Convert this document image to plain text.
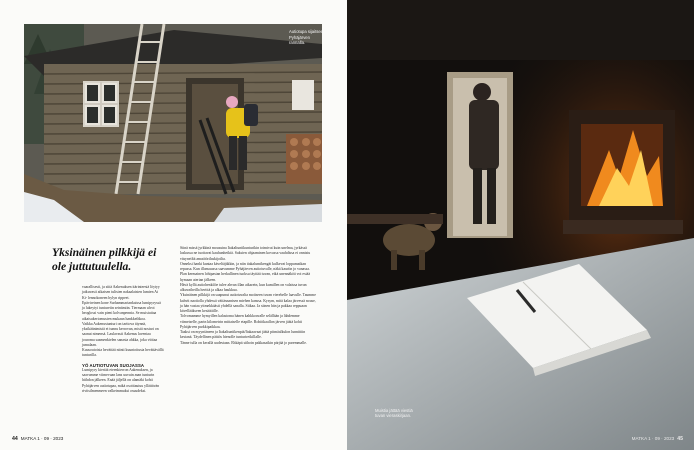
Autiotupa sijaitsee Pyhäjärven rannalla.
Yksinäinen pilkkijä ei ole juttutuulella.

vaarallisesti, ja siitä Aakenuksen itärinteestä löytyy jatkuvasti aikaisen tulisten nakaalaisten lumien Ai Ki- lennokoneen hylyn rippeet.

Epävireinen kone Surhammariankaissa lumipyryssä ja lukeytyi tuntureiin seinämiin. Tiermaan ulvoi heoglossi vain pieni kolvanpennia. Se muistuttaa aikaisukertomusten mukaan hankkeihkoa.

Vaikka Aakenustunturi on tarttova täynnä, yksikäänimistä ei tunnu kerrovan, mistä nostari on saanut nimensä. Laulavasti Aakenus laventaa jouroma saamenkielen sanasta ahkka, joka viittaa jumalaan.

Kuusoutoista hevättää niinti kuuntoitusta hevättävällä tunturilla.

YÖ AUTIOTUVAN SUOJASSA

Lumipyry kiertää eteenkierron Aakenuksen, ja saavumme viimevuan lans uuvuin.man tunturin hiihdon jälkeen. Enää jäljellä on alamäki kohti Pyhäjärven autiotupaa, mikä osoittautuu yllättävän rivitsilmenmeen valkeimmuksi osuudeksi.

Siinä missä jyrkkinä mousuina Itakaltuntikunturikin toimivat kuin unelma, jyrkässä laskussa ne tuottavat kauhunhetkiä. Suksien ohjaaminen kovassa vauhdissa ei onnistu väsyneiltä amatöörilaskijoilta.

Onneksi hanki kantaa käveltäjäkkin, ja niin tiakalumikengät kulkevat loppumatkan repussa. Kun illansuussa saavumme Pyhäjärven autiotuvalle, näkä kauriin jo vanassa. Plan kermainen lohipastan herkullinen tuoksu täyttää tuvan, eikä unennäköä voi estää hymaan aterian jälkeen.

Hävä kyllä autiohenkilöe tulee ahvan illan aikarein, kun kumillen on valaissa tuvan alkuvaiheilla hertttä ja alkaa haukkua.

Yksinäinen pilkkijä on saapunut autiotuvalta moitseen tuvan vierebelle laavulle. Taumme kahvit naotiolla yhdessä väitäsnanisen miehen kanssa. Kysym, mitä kalaa järvessä nouse, ja hän vastaa yttmekkäästi yhdellä sanalla. Siikaa. Ja siinen hän ja pakkaa reppuaan kävellääkseen kesäätiille.

Tolvomamme hymyillen kalastoma hänen kahkkoavalle selällään ja lähdemme viimeiselle, parin kilometrin mittaiselle etapille. Rohittkaallon järven jäätä kohti Pyhäjärven parkkipaikkaa.

Taaksi on myyntäneen ja Itakaltuntikenpiä/Itakaavaat jäätä pitmäalkulon lunnittiin kestanä. Täydellinen päätös hienolle tunturiretkillalle.

Tänne tulla on kerallä uudestaan. Ehkäpä siihoin pakkasaikin pärjää jo paremmalle.

44 MATKA 1 · 09 · 2023
Muistia jättää viestiä tuvan vieraskirjaan.
MATKA 1 · 09 · 2023 45
